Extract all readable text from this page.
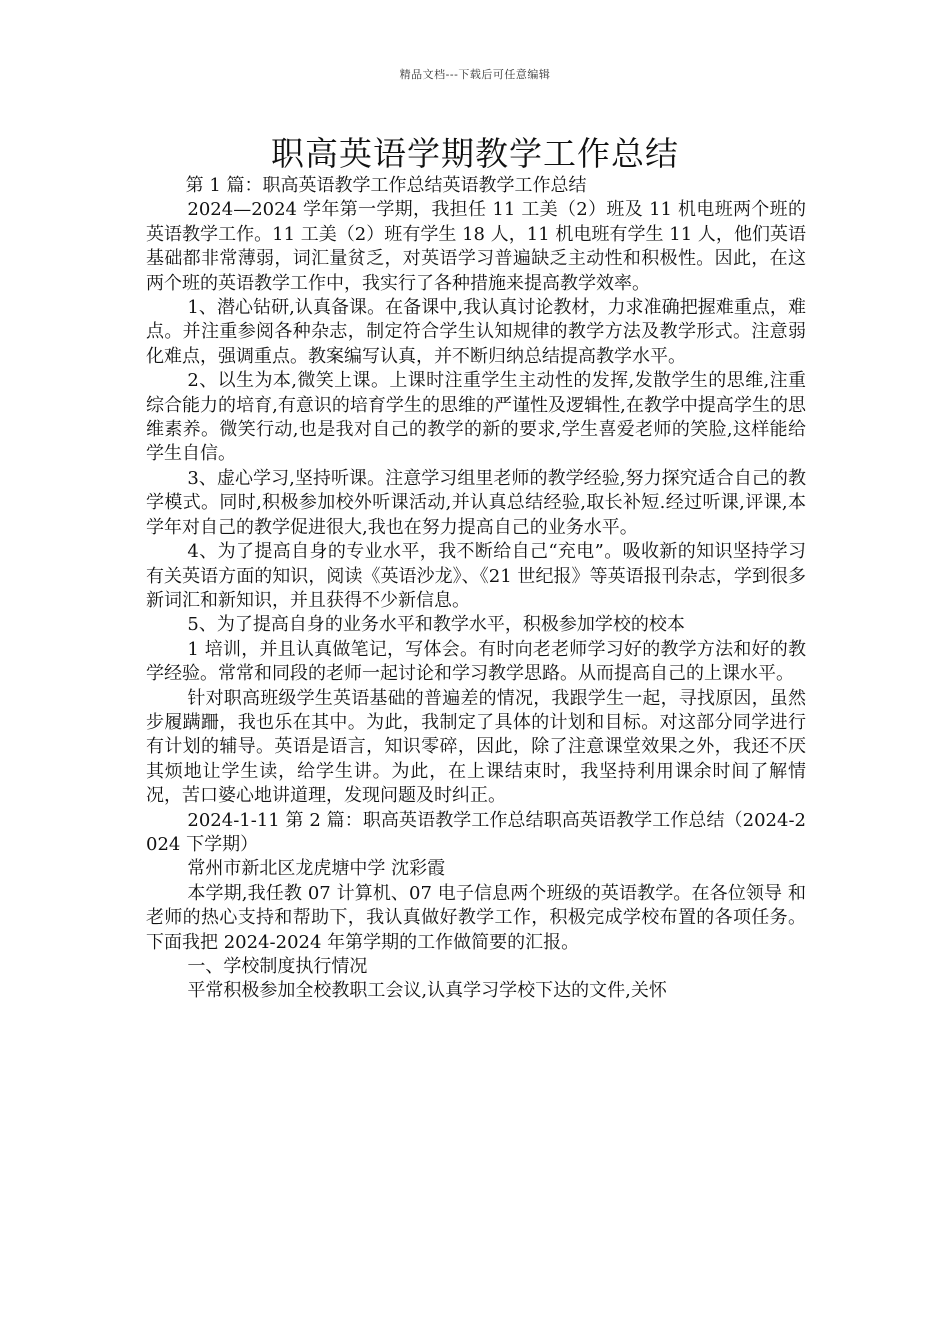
精品文档---下载后可任意编辑
职高英语学期教学工作总结

第 1 篇：职高英语教学工作总结英语教学工作总结

2024—2024 学年第一学期，我担任 11 工美（2）班及 11 机电班两个班的英语教学工作。11 工美（2）班有学生 18 人，11 机电班有学生 11 人，他们英语基础都非常薄弱，词汇量贫乏，对英语学习普遍缺乏主动性和积极性。因此，在这两个班的英语教学工作中，我实行了各种措施来提高教学效率。

1、潜心钻研,认真备课。在备课中,我认真讨论教材，力求准确把握难重点，难点。并注重参阅各种杂志，制定符合学生认知规律的教学方法及教学形式。注意弱化难点，强调重点。教案编写认真，并不断归纳总结提高教学水平。

2、以生为本,微笑上课。上课时注重学生主动性的发挥,发散学生的思维,注重综合能力的培育,有意识的培育学生的思维的严谨性及逻辑性,在教学中提高学生的思维素养。微笑行动,也是我对自己的教学的新的要求,学生喜爱老师的笑脸,这样能给学生自信。

3、虚心学习,坚持听课。注意学习组里老师的教学经验,努力探究适合自己的教学模式。同时,积极参加校外听课活动,并认真总结经验,取长补短.经过听课,评课,本学年对自己的教学促进很大,我也在努力提高自己的业务水平。

4、为了提高自身的专业水平，我不断给自己“充电”。吸收新的知识坚持学习有关英语方面的知识，阅读《英语沙龙》、《21 世纪报》等英语报刊杂志，学到很多新词汇和新知识，并且获得不少新信息。

5、为了提高自身的业务水平和教学水平，积极参加学校的校本

1 培训，并且认真做笔记，写体会。有时向老老师学习好的教学方法和好的教学经验。常常和同段的老师一起讨论和学习教学思路。从而提高自己的上课水平。

针对职高班级学生英语基础的普遍差的情况，我跟学生一起，寻找原因，虽然步履蹒跚，我也乐在其中。为此，我制定了具体的计划和目标。对这部分同学进行有计划的辅导。英语是语言，知识零碎，因此，除了注意课堂效果之外，我还不厌其烦地让学生读，给学生讲。为此，在上课结束时，我坚持利用课余时间了解情况，苦口婆心地讲道理，发现问题及时纠正。

2024-1-11 第 2 篇：职高英语教学工作总结职高英语教学工作总结（2024-2024 下学期）

常州市新北区龙虎塘中学 沈彩霞

本学期,我任教 07 计算机、07 电子信息两个班级的英语教学。在各位领导 和 老师的热心支持和帮助下，我认真做好教学工作，积极完成学校布置的各项任务。下面我把 2024-2024 年第学期的工作做简要的汇报。

一、学校制度执行情况

平常积极参加全校教职工会议,认真学习学校下达的文件,关怀
